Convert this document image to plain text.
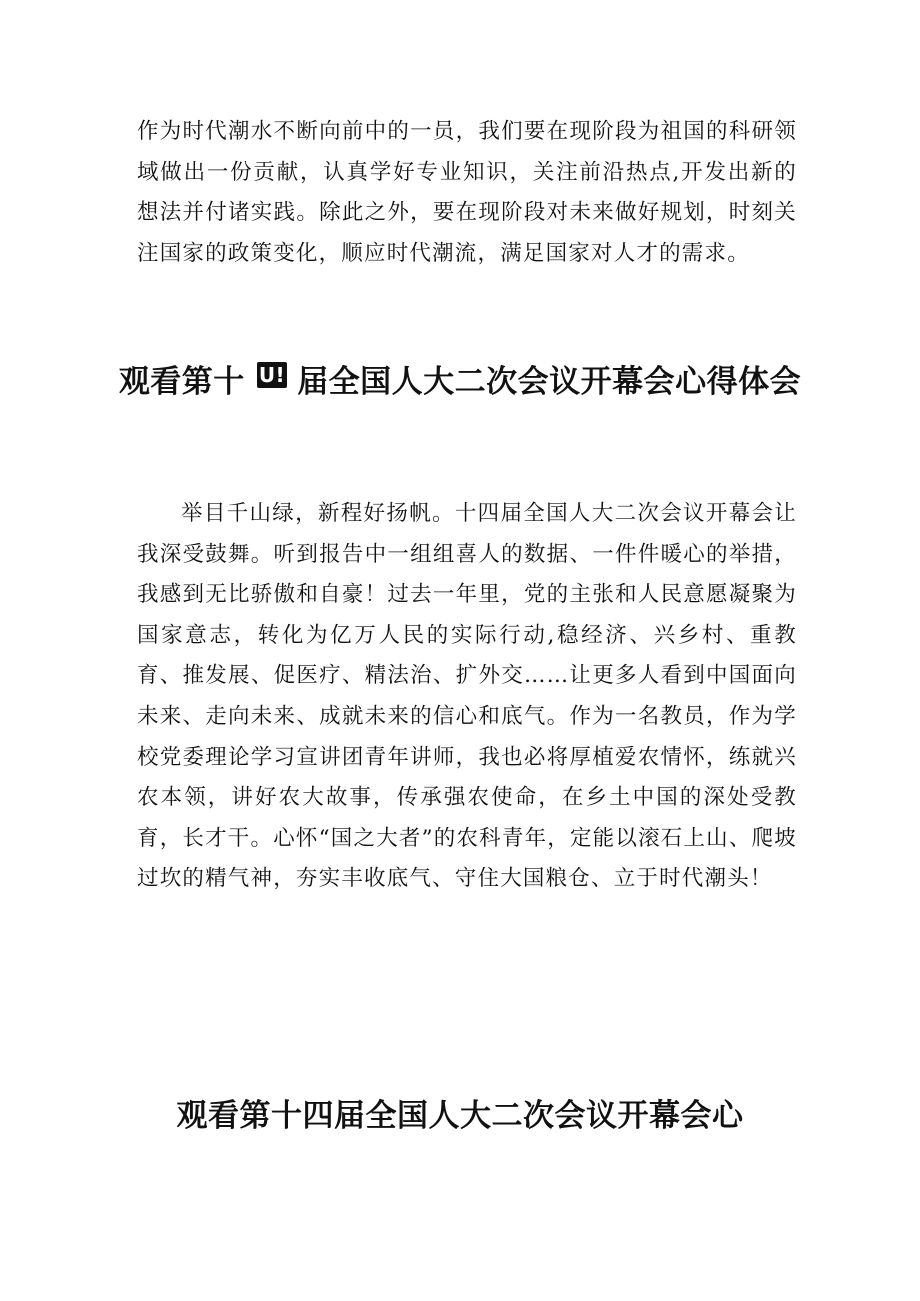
作为时代潮水不断向前中的一员，我们要在现阶段为祖国的科研领域做出一份贡献，认真学好专业知识，关注前沿热点,开发出新的想法并付诸实践。除此之外，要在现阶段对未来做好规划，时刻关注国家的政策变化，顺应时代潮流，满足国家对人才的需求。

观看第十 U! 届全国人大二次会议开幕会心得体会

举目千山绿，新程好扬帆。十四届全国人大二次会议开幕会让我深受鼓舞。听到报告中一组组喜人的数据、一件件暖心的举措，我感到无比骄傲和自豪！过去一年里，党的主张和人民意愿凝聚为国家意志，转化为亿万人民的实际行动,稳经济、兴乡村、重教育、推发展、促医疗、精法治、扩外交……让更多人看到中国面向未来、走向未来、成就未来的信心和底气。作为一名教员，作为学校党委理论学习宣讲团青年讲师，我也必将厚植爱农情怀，练就兴农本领，讲好农大故事，传承强农使命，在乡土中国的深处受教育，长才干。心怀“国之大者”的农科青年，定能以滚石上山、爬坡过坎的精气神，夯实丰收底气、守住大国粮仓、立于时代潮头！

观看第十四届全国人大二次会议开幕会心
